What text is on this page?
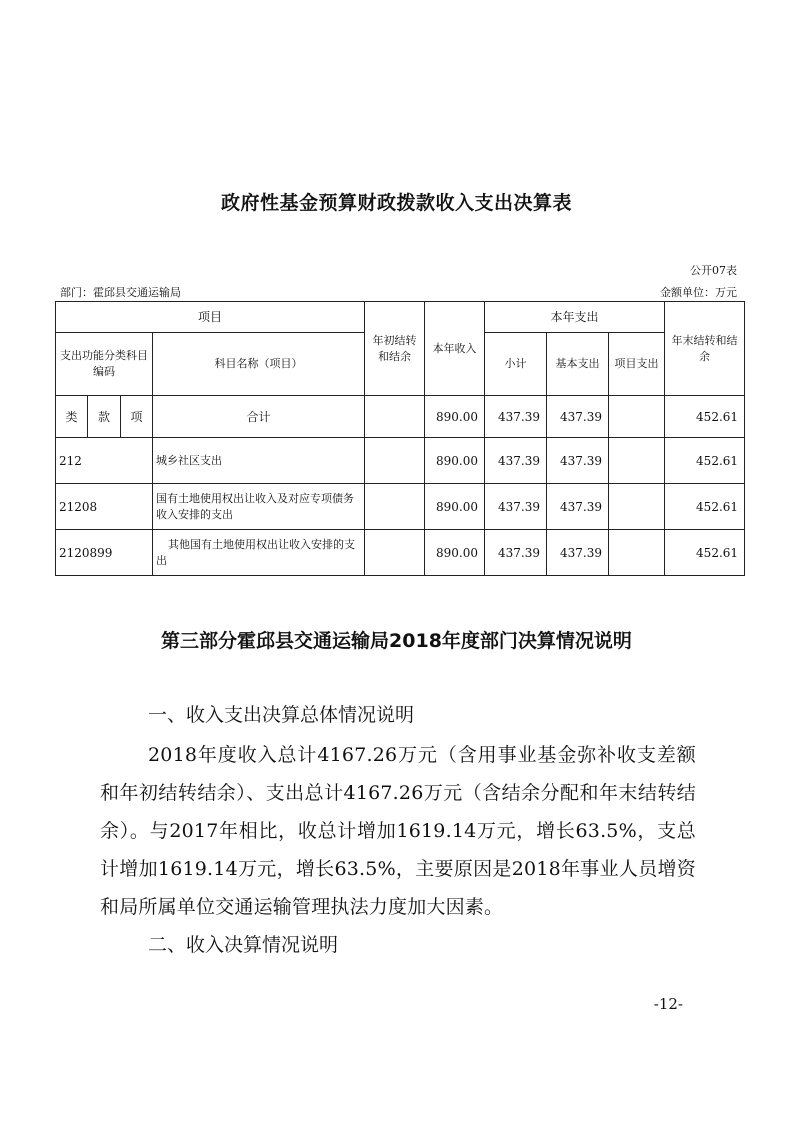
政府性基金预算财政拨款收入支出决算表
公开07表
部门：霍邱县交通运输局	金额单位：万元
项目				年初结转和结余	本年收入	本年支出			年末结转和结余
支出功能分类科目编码			科目名称（项目）			小计	基本支出	项目支出	
类	款	项	合计		890.00	437.39	437.39		452.61
212			城乡社区支出		890.00	437.39	437.39		452.61
21208			国有土地使用权出让收入及对应专项债务收入安排的支出		890.00	437.39	437.39		452.61
2120899			其他国有土地使用权出让收入安排的支出		890.00	437.39	437.39		452.61
第三部分霍邱县交通运输局2018年度部门决算情况说明
一、收入支出决算总体情况说明
2018年度收入总计4167.26万元（含用事业基金弥补收支差额和年初结转结余）、支出总计4167.26万元（含结余分配和年末结转结余）。与2017年相比，收总计增加1619.14万元，增长63.5%，支总计增加1619.14万元，增长63.5%，主要原因是2018年事业人员增资和局所属单位交通运输管理执法力度加大因素。
二、收入决算情况说明
-12-
